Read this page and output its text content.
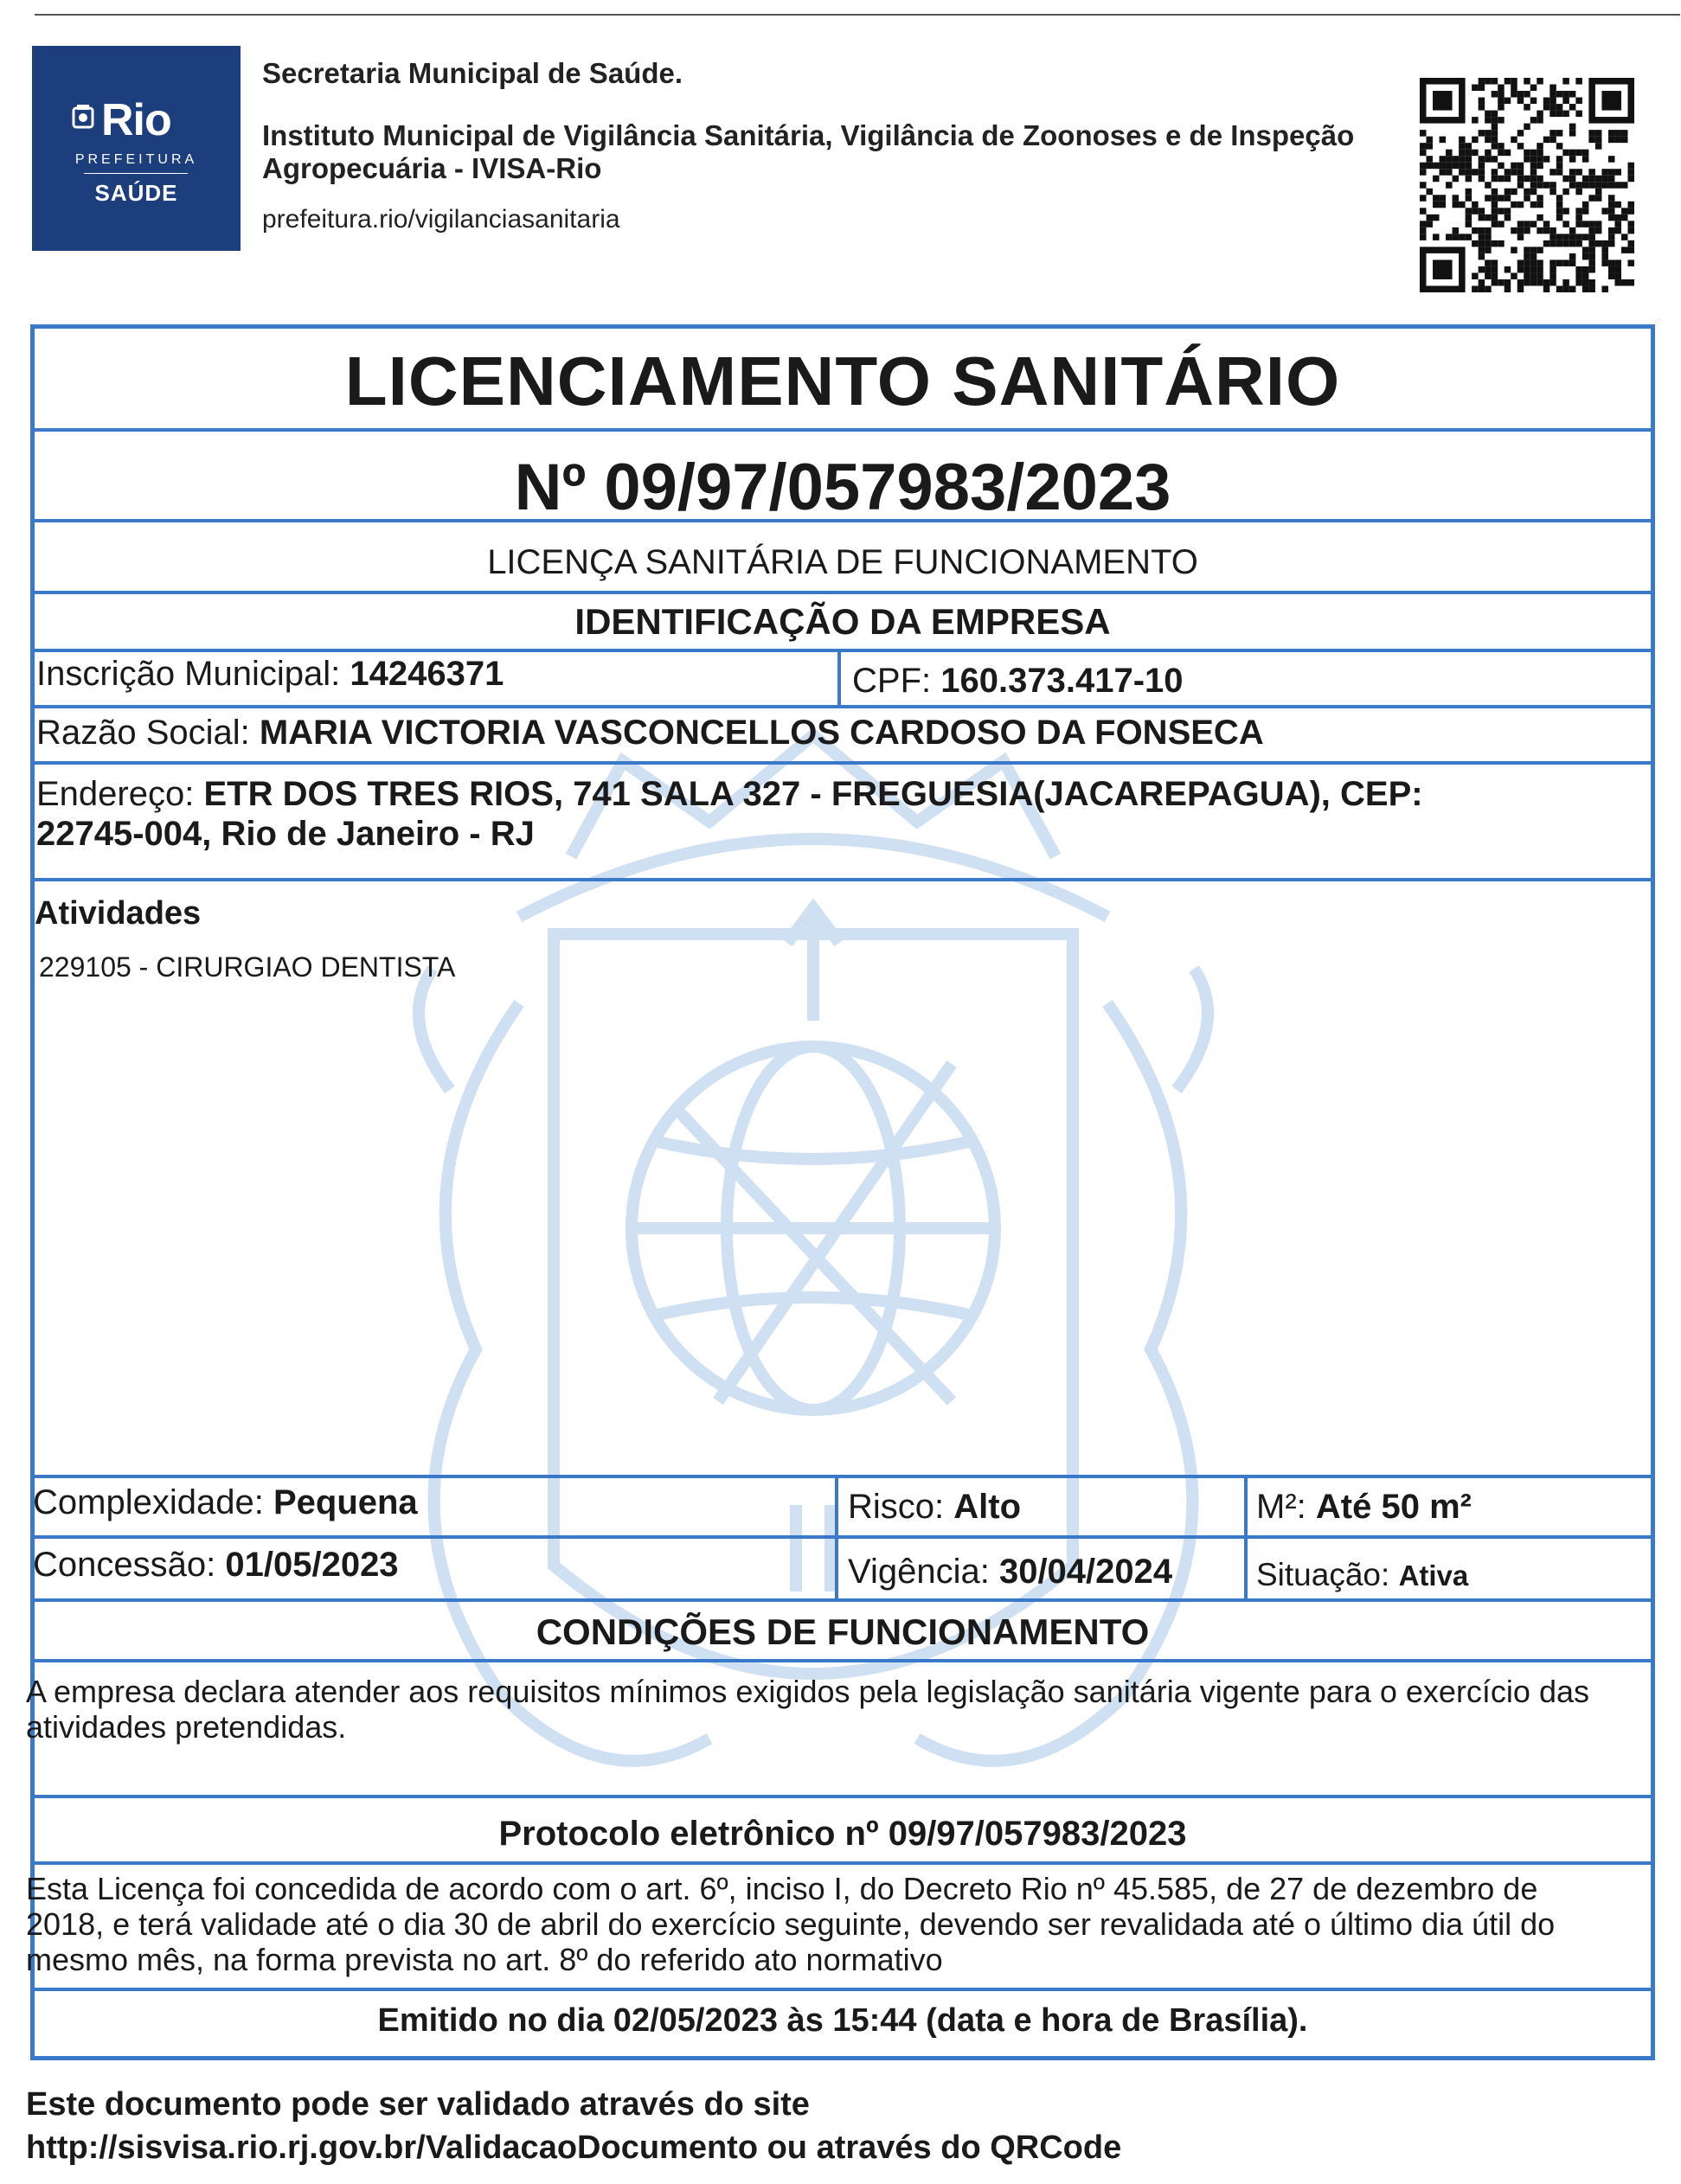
Rio
PREFEITURA
SAÚDE
Secretaria Municipal de Saúde.
Instituto Municipal de Vigilância Sanitária, Vigilância de Zoonoses e de Inspeção Agropecuária - IVISA-Rio
prefeitura.rio/vigilanciasanitaria
LICENCIAMENTO SANITÁRIO
Nº 09/97/057983/2023
LICENÇA SANITÁRIA DE FUNCIONAMENTO
IDENTIFICAÇÃO DA EMPRESA
Inscrição Municipal: 14246371	CPF: 160.373.417-10
Razão Social: MARIA VICTORIA VASCONCELLOS CARDOSO DA FONSECA
Endereço: ETR DOS TRES RIOS, 741 SALA 327 - FREGUESIA(JACAREPAGUA), CEP:
22745-004, Rio de Janeiro - RJ
Atividades
229105 - CIRURGIAO DENTISTA
Complexidade: Pequena	Risco: Alto	M²: Até 50 m²
Concessão: 01/05/2023	Vigência: 30/04/2024	Situação: Ativa
CONDIÇÕES DE FUNCIONAMENTO
A empresa declara atender aos requisitos mínimos exigidos pela legislação sanitária vigente para o exercício das atividades pretendidas.
Protocolo eletrônico nº 09/97/057983/2023
Esta Licença foi concedida de acordo com o art. 6º, inciso I, do Decreto Rio nº 45.585, de 27 de dezembro de 2018, e terá validade até o dia 30 de abril do exercício seguinte, devendo ser revalidada até o último dia útil do mesmo mês, na forma prevista no art. 8º do referido ato normativo
Emitido no dia 02/05/2023 às 15:44 (data e hora de Brasília).
Este documento pode ser validado através do site
http://sisvisa.rio.rj.gov.br/ValidacaoDocumento ou através do QRCode
